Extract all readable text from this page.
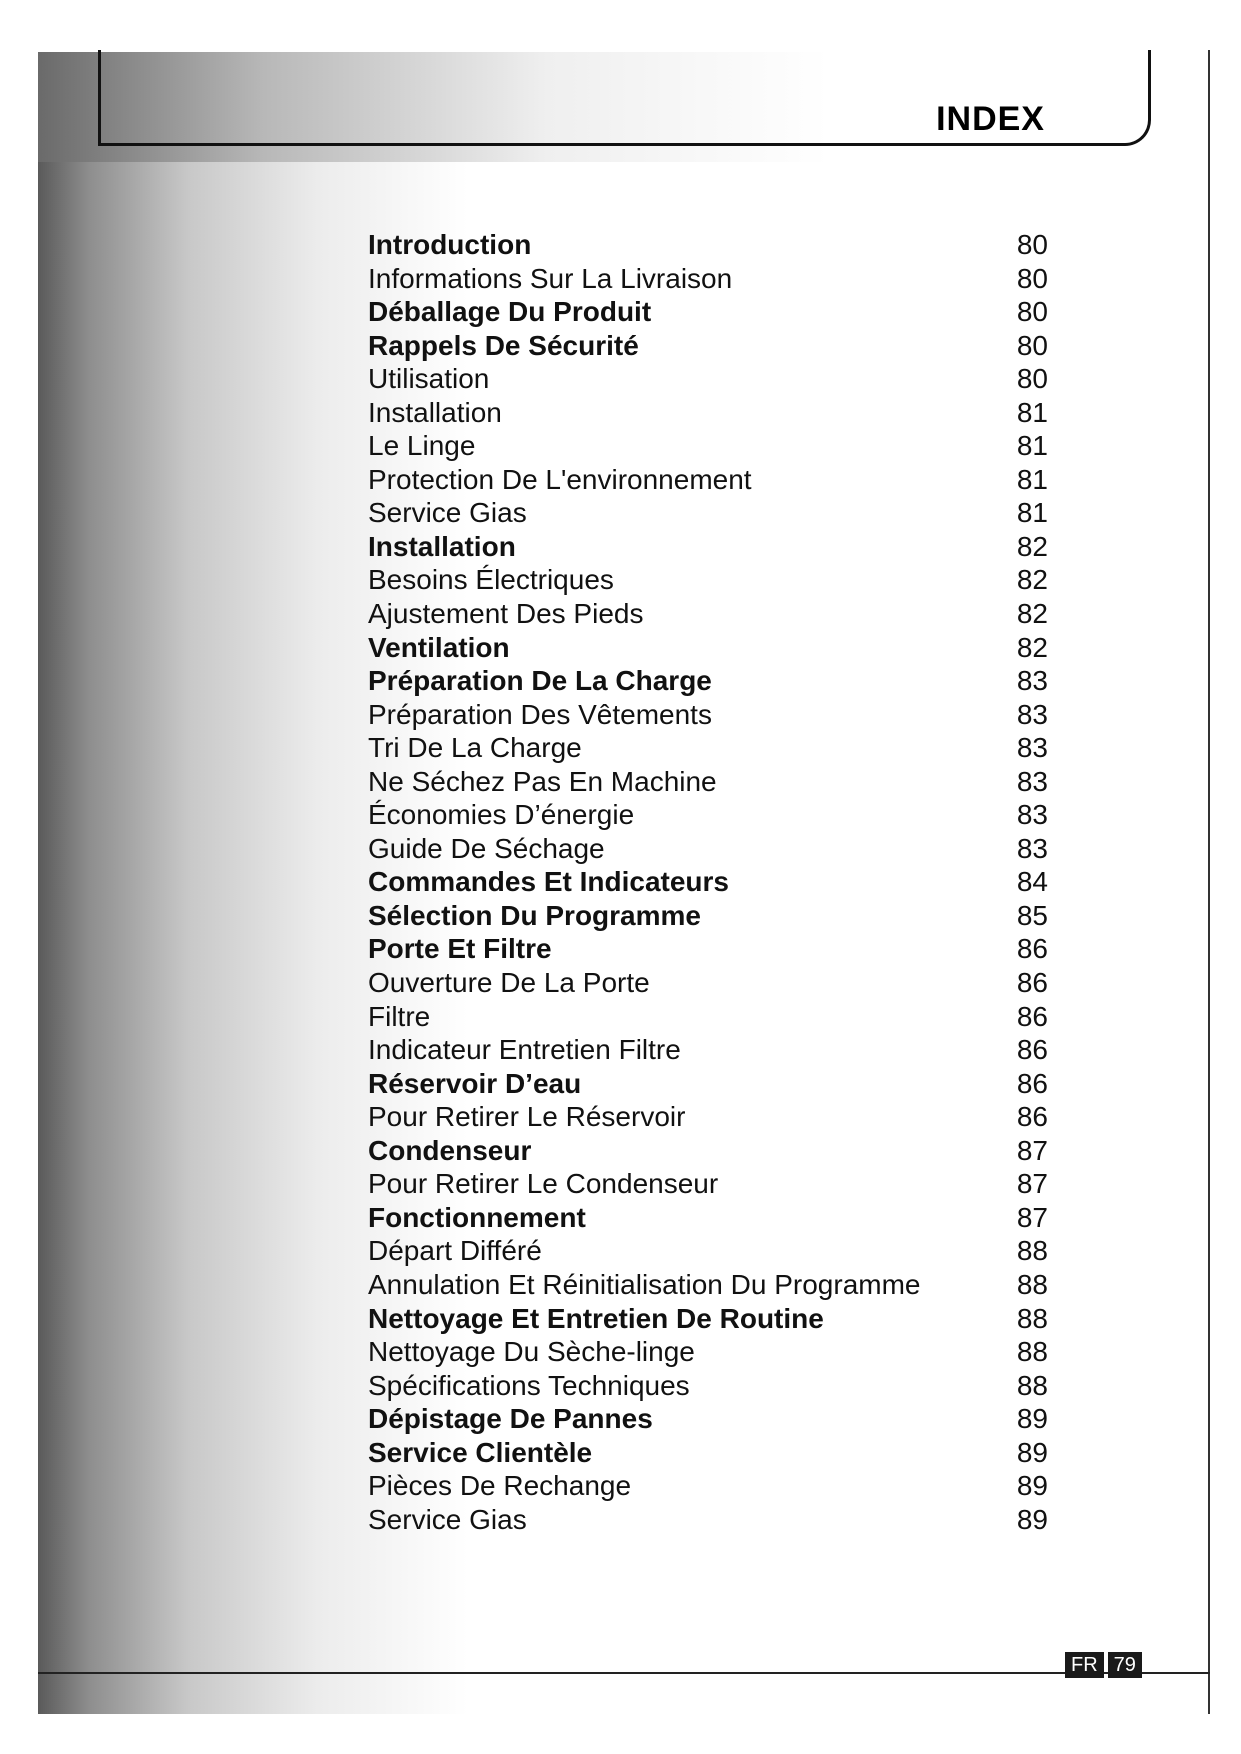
INDEX
Introduction	80
Informations Sur La Livraison	80
Déballage Du Produit	80
Rappels De Sécurité	80
Utilisation	80
Installation	81
Le Linge	81
Protection De L'environnement	81
Service Gias	81
Installation	82
Besoins Électriques	82
Ajustement Des Pieds	82
Ventilation	82
Préparation De La Charge	83
Préparation Des Vêtements	83
Tri De La Charge	83
Ne Séchez Pas En Machine	83
Économies D’énergie	83
Guide De Séchage	83
Commandes Et Indicateurs	84
Sélection Du Programme	85
Porte Et Filtre	86
Ouverture De La Porte	86
Filtre	86
Indicateur Entretien Filtre	86
Réservoir D’eau	86
Pour Retirer Le Réservoir	86
Condenseur	87
Pour Retirer Le Condenseur	87
Fonctionnement	87
Départ Différé	88
Annulation Et Réinitialisation Du Programme	88
Nettoyage Et Entretien De Routine	88
Nettoyage Du Sèche-linge	88
Spécifications Techniques	88
Dépistage De Pannes	89
Service Clientèle	89
Pièces De Rechange	89
Service Gias	89
FR 79
